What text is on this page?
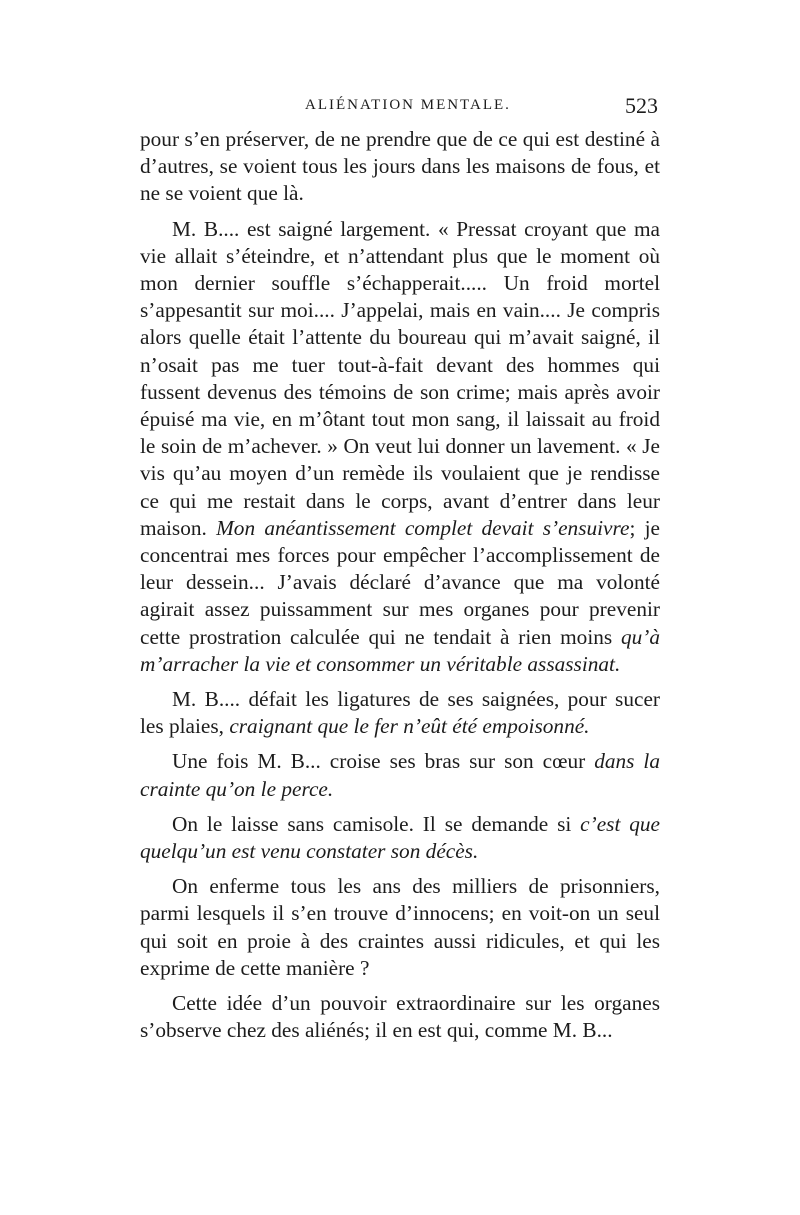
ALIÉNATION MENTALE.	523

pour s’en préserver, de ne prendre que de ce qui est destiné à d’autres, se voient tous les jours dans les maisons de fous, et ne se voient que là.

M. B.... est saigné largement. « Pressat croyant que ma vie allait s’éteindre, et n’attendant plus que le moment où mon dernier souffle s’échapperait..... Un froid mortel s’appesantit sur moi.... J’appelai, mais en vain.... Je compris alors quelle était l’attente du boureau qui m’avait saigné, il n’osait pas me tuer tout-à-fait devant des hommes qui fussent devenus des témoins de son crime; mais après avoir épuisé ma vie, en m’ôtant tout mon sang, il laissait au froid le soin de m’achever. » On veut lui donner un lavement. « Je vis qu’au moyen d’un remède ils voulaient que je rendisse ce qui me restait dans le corps, avant d’entrer dans leur maison. Mon anéantissement complet devait s’ensuivre; je concentrai mes forces pour empêcher l’accomplissement de leur dessein... J’avais déclaré d’avance que ma volonté agirait assez puissamment sur mes organes pour prevenir cette prostration calculée qui ne tendait à rien moins qu’à m’arracher la vie et consommer un véritable assassinat.

M. B.... défait les ligatures de ses saignées, pour sucer les plaies, craignant que le fer n’eût été empoisonné.

Une fois M. B... croise ses bras sur son cœur dans la crainte qu’on le perce.

On le laisse sans camisole. Il se demande si c’est que quelqu’un est venu constater son décès.

On enferme tous les ans des milliers de prisonniers, parmi lesquels il s’en trouve d’innocens; en voit-on un seul qui soit en proie à des craintes aussi ridicules, et qui les exprime de cette manière ?

Cette idée d’un pouvoir extraordinaire sur les organes s’observe chez des aliénés; il en est qui, comme M. B...
